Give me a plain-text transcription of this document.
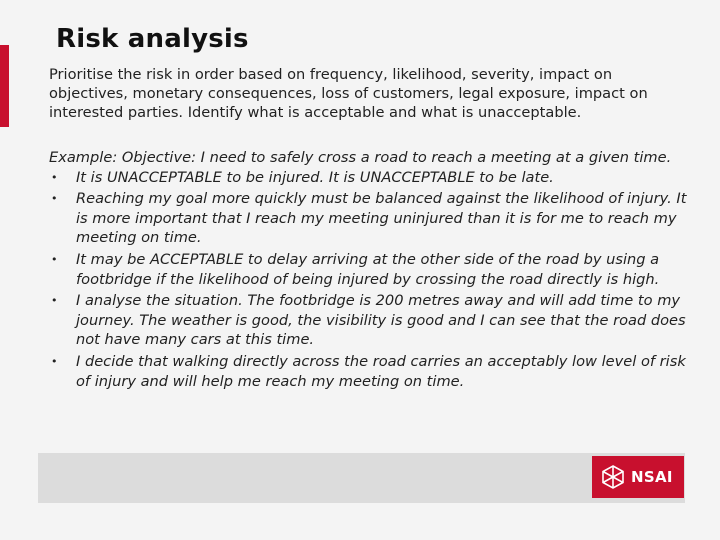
Risk analysis
Prioritise the risk in order based on frequency, likelihood, severity, impact on objectives, monetary consequences, loss of customers, legal exposure, impact on interested parties. Identify what is acceptable and what is unacceptable.

Example: Objective: I need to safely cross a road to reach a meeting at a given time.

• It is UNACCEPTABLE to be injured. It is UNACCEPTABLE to be late.
• Reaching my goal more quickly must be balanced against the likelihood of injury. It is more important that I reach my meeting uninjured than it is for me to reach my meeting on time.
• It may be ACCEPTABLE to delay arriving at the other side of the road by using a footbridge if the likelihood of being injured by crossing the road directly is high.
• I analyse the situation. The footbridge is 200 metres away and will add time to my journey. The weather is good, the visibility is good and I can see that the road does not have many cars at this time.
• I decide that walking directly across the road carries an acceptably low level of risk of injury and will help me reach my meeting on time.
NSAI
